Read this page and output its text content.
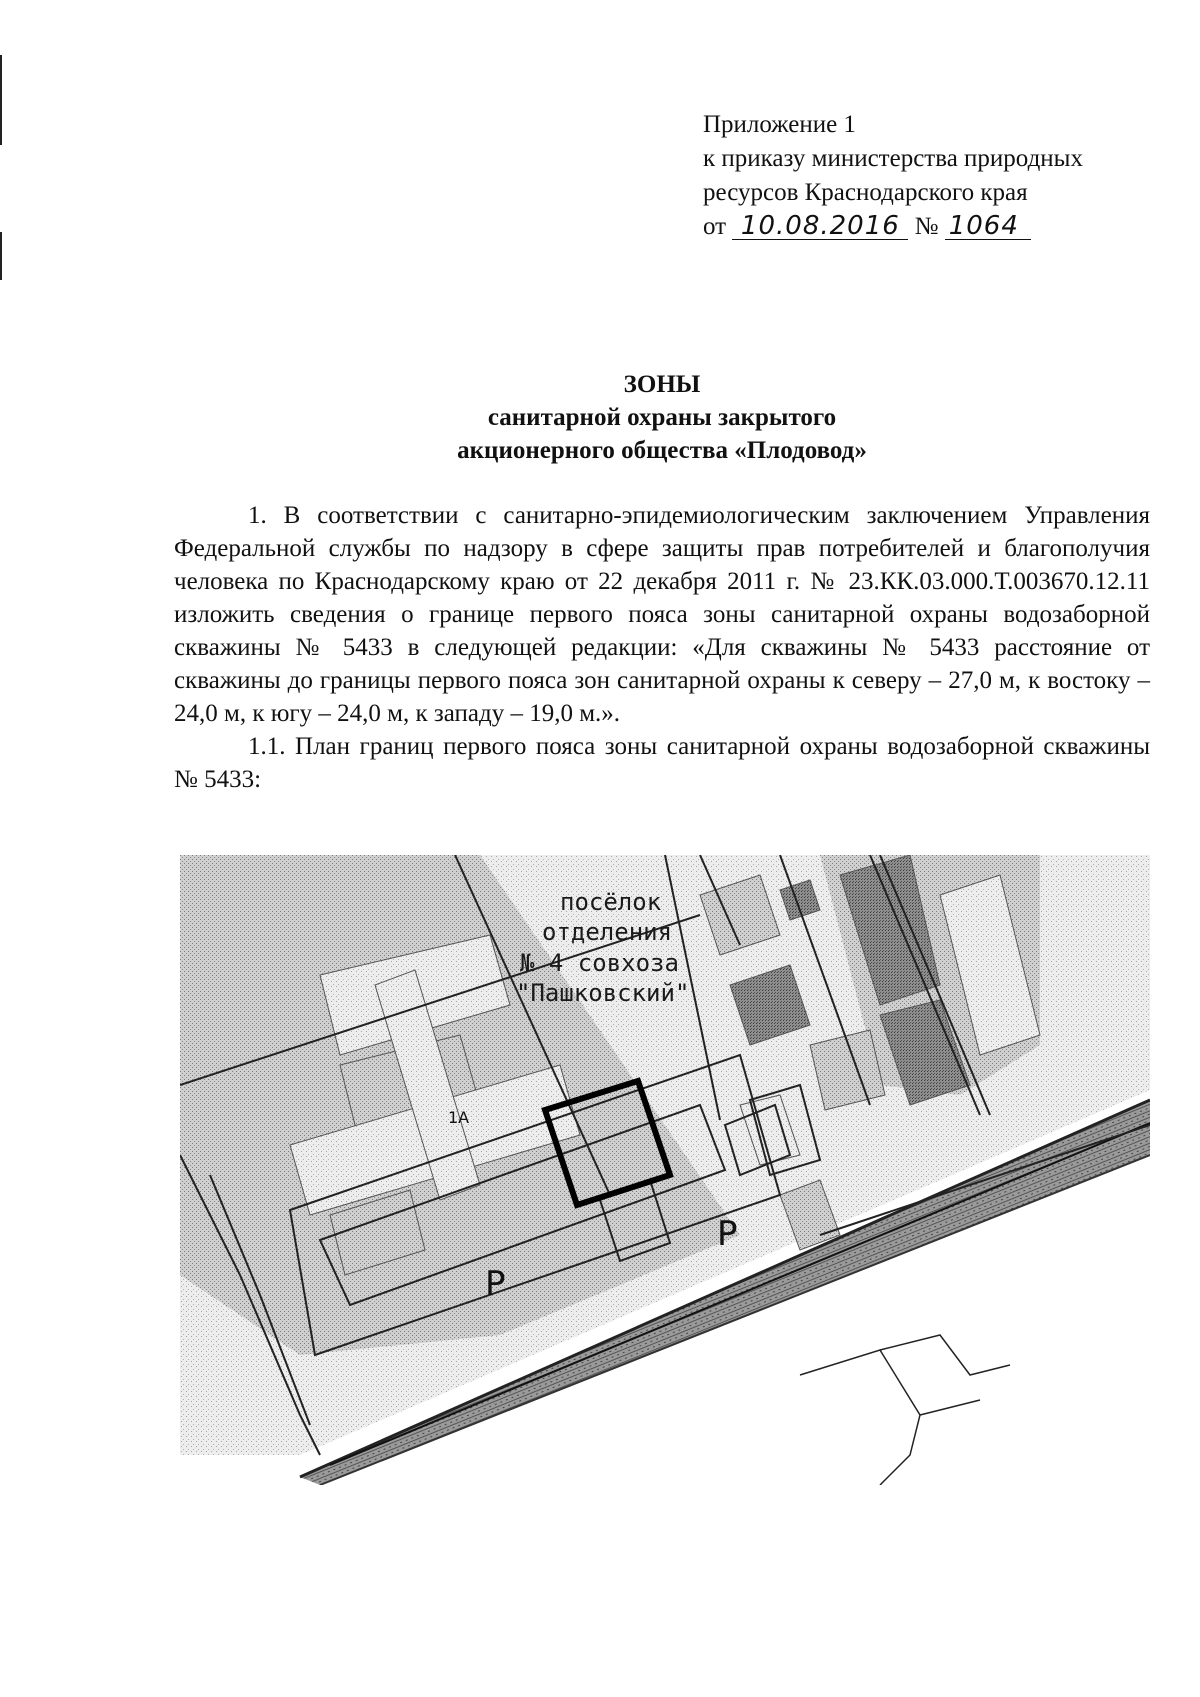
Приложение 1
к приказу министерства природных
ресурсов Краснодарского края
от 10.08.2016 № 1064
ЗОНЫ
санитарной охраны закрытого
акционерного общества «Плодовод»

1. В соответствии с санитарно-эпидемиологическим заключением Управления Федеральной службы по надзору в сфере защиты прав потребителей и благополучия человека по Краснодарскому краю от 22 декабря 2011 г. № 23.КК.03.000.Т.003670.12.11 изложить сведения о границе первого пояса зоны санитарной охраны водозаборной скважины № 5433 в следующей редакции: «Для скважины № 5433 расстояние от скважины до границы первого пояса зон санитарной охраны к северу – 27,0 м, к востоку – 24,0 м, к югу – 24,0 м, к западу – 19,0 м.».

1.1. План границ первого пояса зоны санитарной охраны водозаборной скважины № 5433:

посёлок
отделения
№ 4 совхоза
"Пашковский"
1А
Р
Р
